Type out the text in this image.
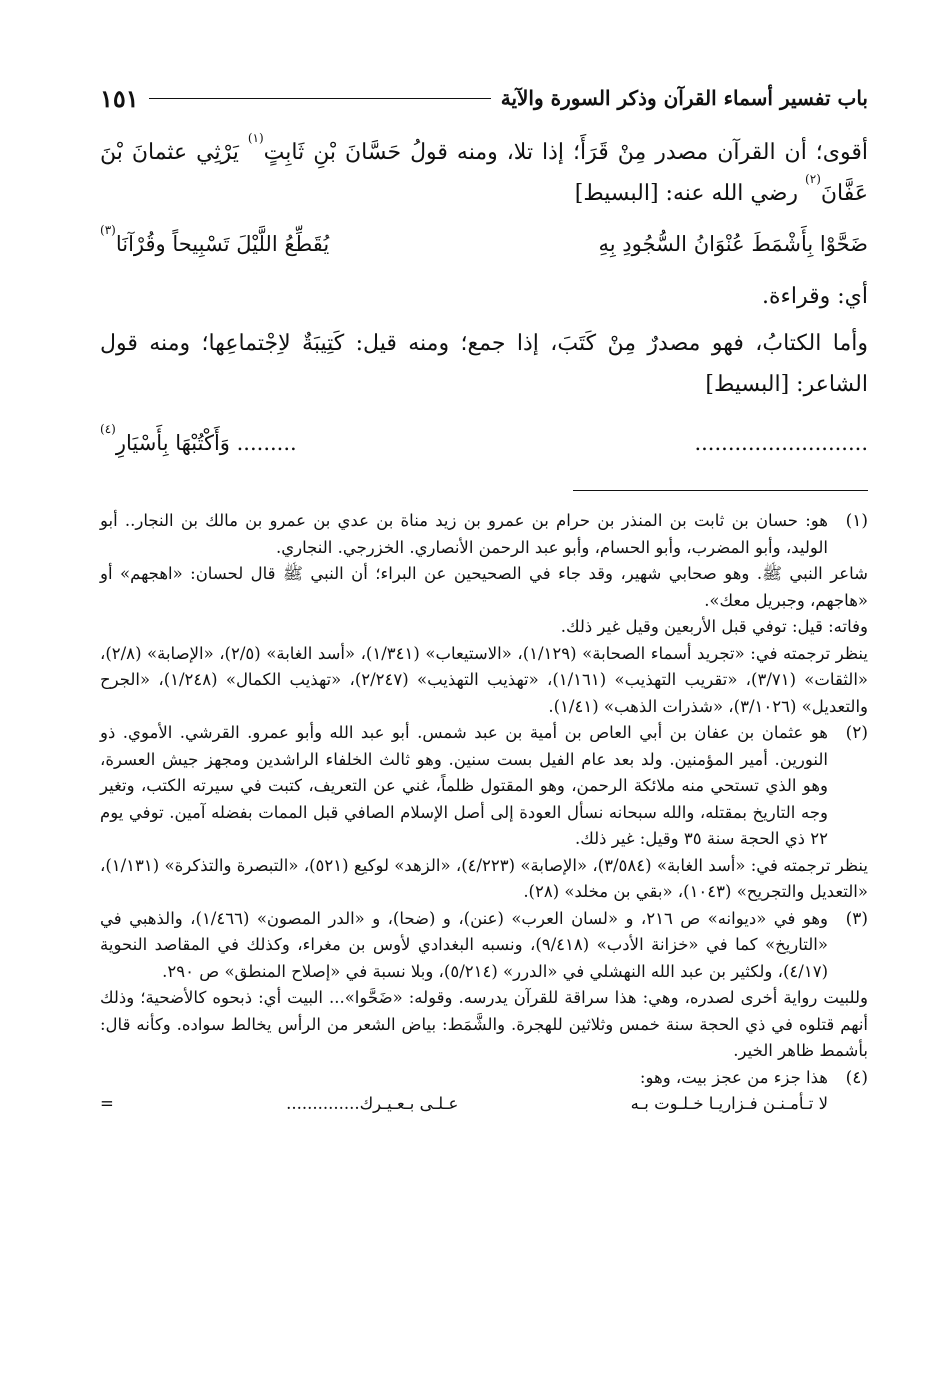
باب تفسير أسماء القرآن وذكر السورة والآية
١٥١

أقوى؛ أن القرآن مصدر مِنْ قَرَأَ؛ إذا تلا، ومنه قولُ حَسَّانَ بْنِ ثَابِتٍ$^{(١)}$ يَرْثِي عثمانَ بْنَ عَفَّانَ$^{(٢)}$ رضي الله عنه: [البسيط]

ضَحَّوْا بِأَشْمَطَ عُنْوَانُ السُّجُودِ بِهِ
يُقَطِّعُ اللَّيْلَ تَسْبِيحاً وقُرْآنَا$^{(٣)}$

أي: وقراءة.

وأما الكتابُ، فهو مصدرٌ مِنْ كَتَبَ، إذا جمع؛ ومنه قيل: كَتِيبَةٌ لاِجْتماعِها؛ ومنه قول الشاعر: [البسيط]

..........................
......... وَأَكْتُبْهَا بِأَسْيَارِ$^{(٤)}$
(١)

هو: حسان بن ثابت بن المنذر بن حرام بن عمرو بن زيد مناة بن عدي بن عمرو بن مالك بن النجار.. أبو الوليد، وأبو المضرب، وأبو الحسام، وأبو عبد الرحمن الأنصاري. الخزرجي. النجاري.

شاعر النبي ﷺ. وهو صحابي شهير، وقد جاء في الصحيحين عن البراء؛ أن النبي ﷺ قال لحسان: «اهجهم» أو «هاجهم، وجبريل معك».

وفاته: قيل: توفي قبل الأربعين وقيل غير ذلك.

ينظر ترجمته في: «تجريد أسماء الصحابة» (١/١٢٩)، «الاستيعاب» (١/٣٤١)، «أسد الغابة» (٢/٥)، «الإصابة» (٢/٨)، «الثقات» (٣/٧١)، «تقريب التهذيب» (١/١٦١)، «تهذيب التهذيب» (٢/٢٤٧)، «تهذيب الكمال» (١/٢٤٨)، «الجرح والتعديل» (٣/١٠٢٦)، «شذرات الذهب» (١/٤١).

(٢)

هو عثمان بن عفان بن أبي العاص بن أمية بن عبد شمس. أبو عبد الله وأبو عمرو. القرشي. الأموي. ذو النورين. أمير المؤمنين. ولد بعد عام الفيل بست سنين. وهو ثالث الخلفاء الراشدين ومجهز جيش العسرة، وهو الذي تستحي منه ملائكة الرحمن، وهو المقتول ظلماً، غني عن التعريف، كتبت في سيرته الكتب، وتغير وجه التاريخ بمقتله، والله سبحانه نسأل العودة إلى أصل الإسلام الصافي قبل الممات بفضله آمين. توفي يوم ٢٢ ذي الحجة سنة ٣٥ وقيل: غير ذلك.

ينظر ترجمته في: «أسد الغابة» (٣/٥٨٤)، «الإصابة» (٤/٢٢٣)، «الزهد» لوكيع (٥٢١)، «التبصرة والتذكرة» (١/١٣١)، «التعديل والتجريح» (١٠٤٣)، «بقي بن مخلد» (٢٨).

(٣)

وهو في «ديوانه» ص ٢١٦، و «لسان العرب» (عنن)، و (ضحا)، و «الدر المصون» (١/٤٦٦)، والذهبي في «التاريخ» كما في «خزانة الأدب» (٩/٤١٨)، ونسبه البغدادي لأوس بن مغراء، وكذلك في المقاصد النحوية (٤/١٧)، ولكثير بن عبد الله النهشلي في «الدرر» (٥/٢١٤)، وبلا نسبة في «إصلاح المنطق» ص ٢٩٠.

وللبيت رواية أخرى لصدره، وهي: هذا سراقة للقرآن يدرسه. وقوله: «ضَحَّوا»... البيت أي: ذبحوه كالأضحية؛ وذلك أنهم قتلوه في ذي الحجة سنة خمس وثلاثين للهجرة. والشَّمَط: بياض الشعر من الرأس يخالط سواده. وكأنه قال: بأشمط ظاهر الخير.

(٤)

هذا جزء من عجز بيت، وهو:

لا تـأمـنـن فـزاريـا خـلـوت بـه
عـلـى بـعـيـرك..............
=
